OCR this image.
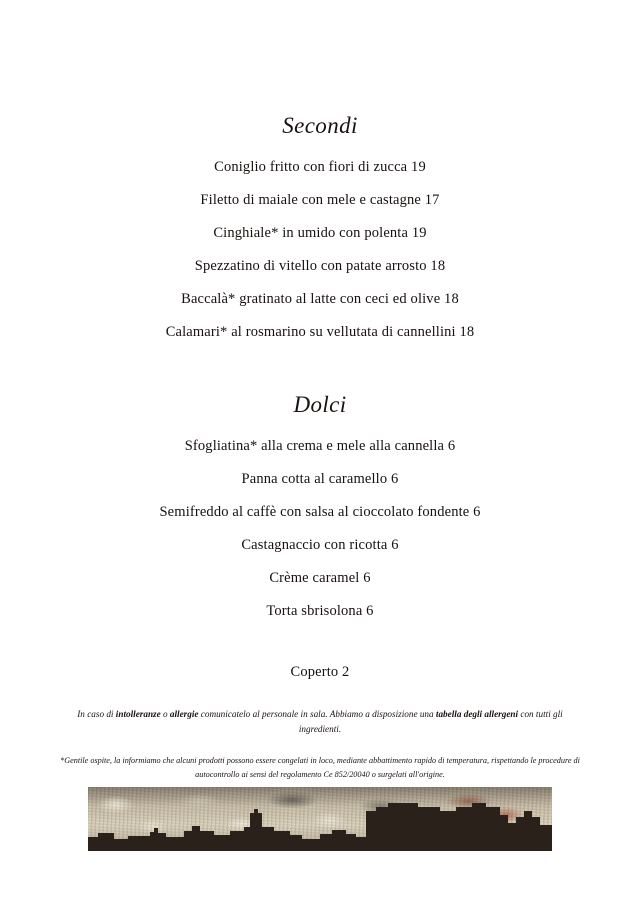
Secondi
Coniglio fritto con fiori di zucca 19
Filetto di maiale con mele e castagne 17
Cinghiale* in umido con polenta 19
Spezzatino di vitello con patate arrosto 18
Baccalà* gratinato al latte con ceci ed olive 18
Calamari* al rosmarino su vellutata di cannellini 18
Dolci
Sfogliatina* alla crema e mele alla cannella 6
Panna cotta al caramello 6
Semifreddo al caffè con salsa al cioccolato fondente 6
Castagnaccio con ricotta 6
Crème caramel 6
Torta sbrisolona 6
Coperto 2
In caso di intolleranze o allergie comunicatelo al personale in sala. Abbiamo a disposizione una tabella degli allergeni con tutti gli ingredienti.
*Gentile ospite, la informiamo che alcuni prodotti possono essere congelati in loco, mediante abbattimento rapido di temperatura, rispettando le procedure di autocontrollo ai sensi del regolamento Ce 852/20040 o surgelati all'origine.
